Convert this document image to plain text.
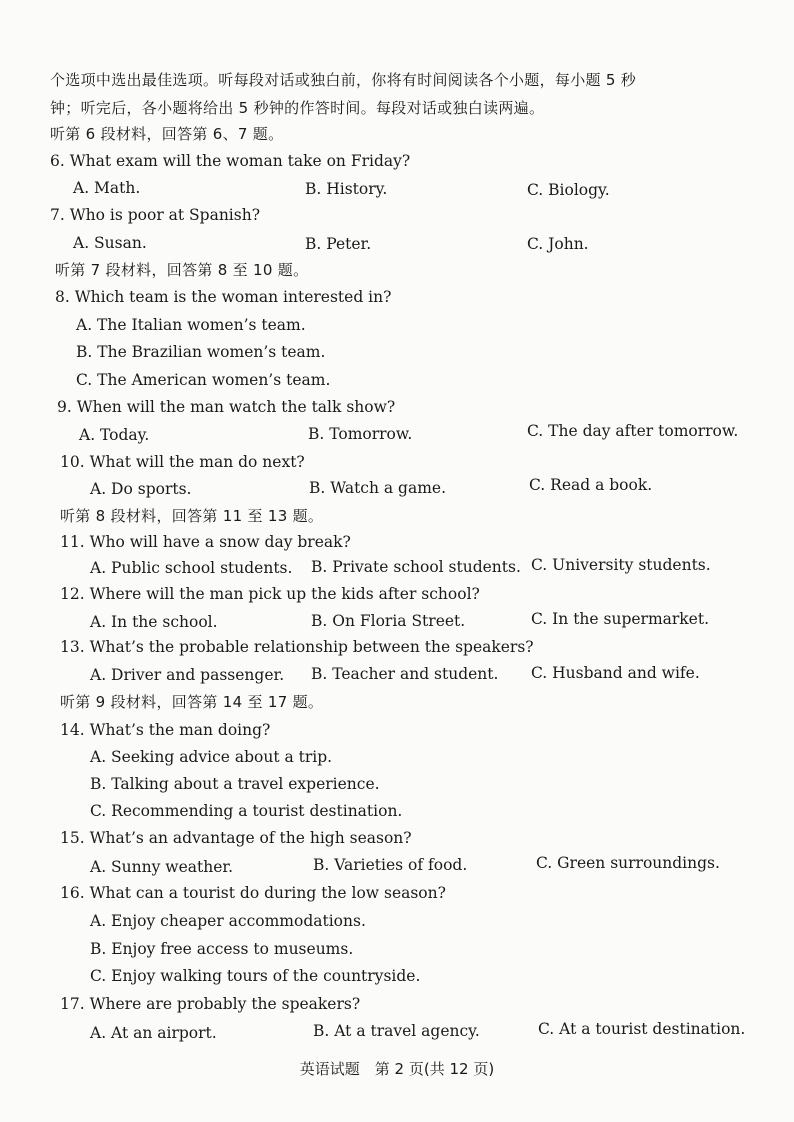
个选项中选出最佳选项。听每段对话或独白前，你将有时间阅读各个小题，每小题 5 秒
钟；听完后，各小题将给出 5 秒钟的作答时间。每段对话或独白读两遍。
听第 6 段材料，回答第 6、7 题。
6. What exam will the woman take on Friday?
A. Math.	B. History.	C. Biology.
7. Who is poor at Spanish?
A. Susan.	B. Peter.	C. John.
听第 7 段材料，回答第 8 至 10 题。
8. Which team is the woman interested in?
A. The Italian women’s team.
B. The Brazilian women’s team.
C. The American women’s team.
9. When will the man watch the talk show?
A. Today.	B. Tomorrow.	C. The day after tomorrow.
10. What will the man do next?
A. Do sports.	B. Watch a game.	C. Read a book.
听第 8 段材料，回答第 11 至 13 题。
11. Who will have a snow day break?
A. Public school students. B. Private school students. C. University students.
12. Where will the man pick up the kids after school?
A. In the school.	B. On Floria Street.	C. In the supermarket.
13. What’s the probable relationship between the speakers?
A. Driver and passenger. B. Teacher and student. C. Husband and wife.
听第 9 段材料，回答第 14 至 17 题。
14. What’s the man doing?
A. Seeking advice about a trip.
B. Talking about a travel experience.
C. Recommending a tourist destination.
15. What’s an advantage of the high season?
A. Sunny weather.	B. Varieties of food.	C. Green surroundings.
16. What can a tourist do during the low season?
A. Enjoy cheaper accommodations.
B. Enjoy free access to museums.
C. Enjoy walking tours of the countryside.
17. Where are probably the speakers?
A. At an airport.	B. At a travel agency.	C. At a tourist destination.
英语试题　第 2 页(共 12 页)
